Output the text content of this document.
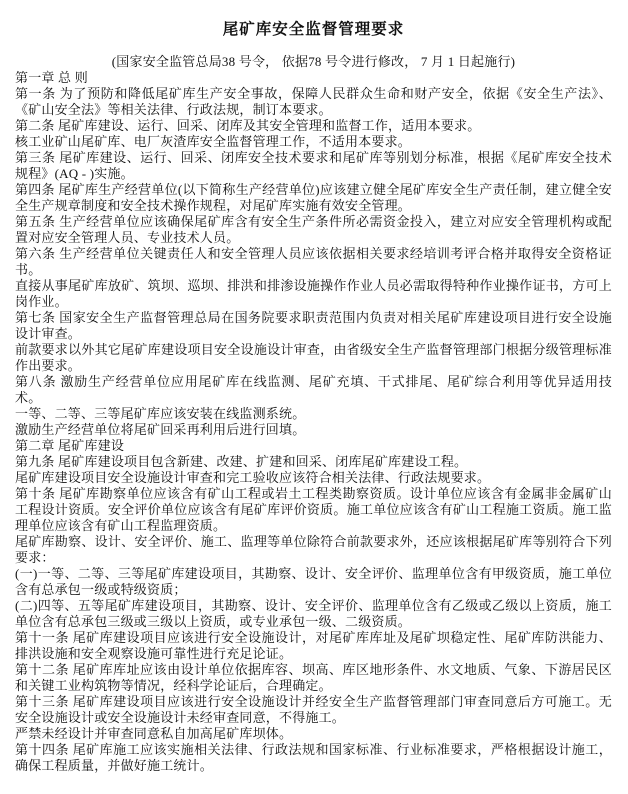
尾矿库安全监督管理要求

(国家安全监管总局38 号令， 依据78 号令进行修改， 7 月 1 日起施行)

第一章 总 则

第一条 为了预防和降低尾矿库生产安全事故，保障人民群众生命和财产安全，依据《安全生产法》、《矿山安全法》等相关法律、行政法规，制订本要求。

第二条 尾矿库建设、运行、回采、闭库及其安全管理和监督工作，适用本要求。

核工业矿山尾矿库、电厂灰渣库安全监督管理工作，不适用本要求。

第三条 尾矿库建设、运行、回采、闭库安全技术要求和尾矿库等别划分标准，根据《尾矿库安全技术规程》(AQ - )实施。

第四条 尾矿库生产经营单位(以下简称生产经营单位)应该建立健全尾矿库安全生产责任制，建立健全安全生产规章制度和安全技术操作规程，对尾矿库实施有效安全管理。

第五条 生产经营单位应该确保尾矿库含有安全生产条件所必需资金投入，建立对应安全管理机构或配置对应安全管理人员、专业技术人员。

第六条 生产经营单位关键责任人和安全管理人员应该依据相关要求经培训考评合格并取得安全资格证书。

直接从事尾矿库放矿、筑坝、巡坝、排洪和排渗设施操作作业人员必需取得特种作业操作证书，方可上岗作业。

第七条 国家安全生产监督管理总局在国务院要求职责范围内负责对相关尾矿库建设项目进行安全设施设计审查。

前款要求以外其它尾矿库建设项目安全设施设计审查，由省级安全生产监督管理部门根据分级管理标准作出要求。

第八条 激励生产经营单位应用尾矿库在线监测、尾矿充填、干式排尾、尾矿综合利用等优异适用技术。

一等、二等、三等尾矿库应该安装在线监测系统。

激励生产经营单位将尾矿回采再利用后进行回填。

第二章 尾矿库建设

第九条 尾矿库建设项目包含新建、改建、扩建和回采、闭库尾矿库建设工程。

尾矿库建设项目安全设施设计审查和完工验收应该符合相关法律、行政法规要求。

第十条 尾矿库勘察单位应该含有矿山工程或岩土工程类勘察资质。设计单位应该含有金属非金属矿山工程设计资质。安全评价单位应该含有尾矿库评价资质。施工单位应该含有矿山工程施工资质。施工监理单位应该含有矿山工程监理资质。

尾矿库勘察、设计、安全评价、施工、监理等单位除符合前款要求外，还应该根据尾矿库等别符合下列要求：

(一)一等、二等、三等尾矿库建设项目，其勘察、设计、安全评价、监理单位含有甲级资质，施工单位含有总承包一级或特级资质；

(二)四等、五等尾矿库建设项目，其勘察、设计、安全评价、监理单位含有乙级或乙级以上资质，施工单位含有总承包三级或三级以上资质，或专业承包一级、二级资质。

第十一条 尾矿库建设项目应该进行安全设施设计，对尾矿库库址及尾矿坝稳定性、尾矿库防洪能力、排洪设施和安全观察设施可靠性进行充足论证。

第十二条 尾矿库库址应该由设计单位依据库容、坝高、库区地形条件、水文地质、气象、下游居民区和关键工业构筑物等情况，经科学论证后，合理确定。

第十三条 尾矿库建设项目应该进行安全设施设计并经安全生产监督管理部门审查同意后方可施工。无安全设施设计或安全设施设计未经审查同意，不得施工。

严禁未经设计并审查同意私自加高尾矿库坝体。

第十四条 尾矿库施工应该实施相关法律、行政法规和国家标准、行业标准要求，严格根据设计施工，确保工程质量，并做好施工统计。
